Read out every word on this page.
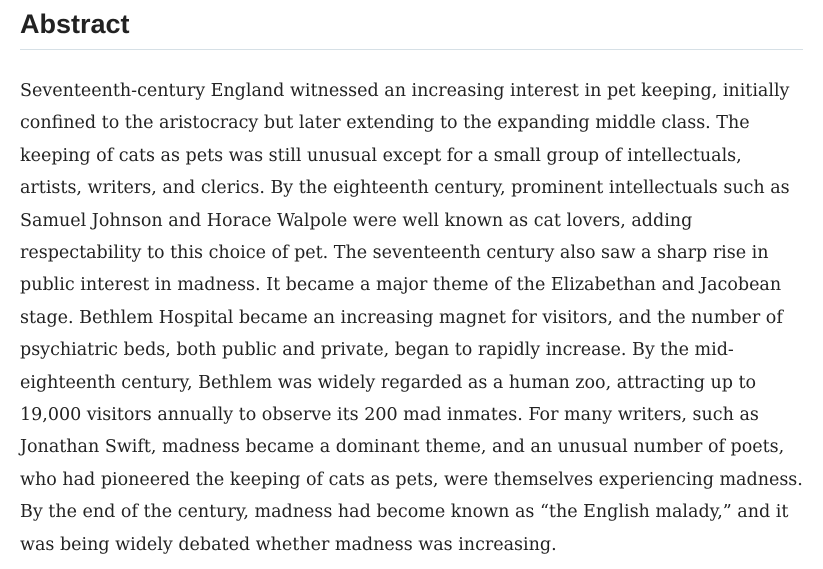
Abstract

Seventeenth-century England witnessed an increasing interest in pet keeping, initially confined to the aristocracy but later extending to the expanding middle class. The keeping of cats as pets was still unusual except for a small group of intellectuals, artists, writers, and clerics. By the eighteenth century, prominent intellectuals such as Samuel Johnson and Horace Walpole were well known as cat lovers, adding respectability to this choice of pet. The seventeenth century also saw a sharp rise in public interest in madness. It became a major theme of the Elizabethan and Jacobean stage. Bethlem Hospital became an increasing magnet for visitors, and the number of psychiatric beds, both public and private, began to rapidly increase. By the mid-eighteenth century, Bethlem was widely regarded as a human zoo, attracting up to 19,000 visitors annually to observe its 200 mad inmates. For many writers, such as Jonathan Swift, madness became a dominant theme, and an unusual number of poets, who had pioneered the keeping of cats as pets, were themselves experiencing madness. By the end of the century, madness had become known as “the English malady,” and it was being widely debated whether madness was increasing.
